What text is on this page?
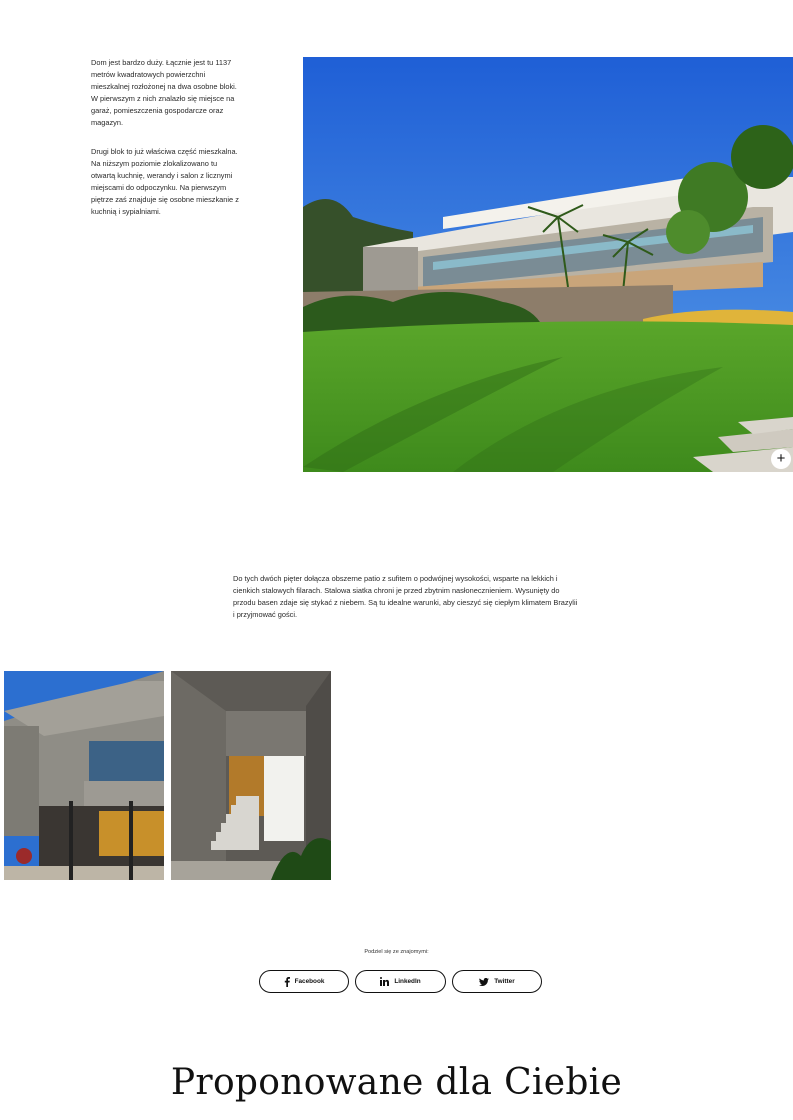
Dom jest bardzo duży. Łącznie jest tu 1137 metrów kwadratowych powierzchni mieszkalnej rozłożonej na dwa osobne bloki. W pierwszym z nich znalazło się miejsce na garaż, pomieszczenia gospodarcze oraz magazyn.

Drugi blok to już właściwa część mieszkalna. Na niższym poziomie zlokalizowano tu otwartą kuchnię, werandy i salon z licznymi miejscami do odpoczynku. Na pierwszym piętrze zaś znajduje się osobne mieszkanie z kuchnią i sypialniami.

+

Do tych dwóch pięter dołącza obszerne patio z sufitem o podwójnej wysokości, wsparte na lekkich i cienkich stalowych filarach. Stalowa siatka chroni je przed zbytnim nasłonecznieniem. Wysunięty do przodu basen zdaje się stykać z niebem. Są tu idealne warunki, aby cieszyć się ciepłym klimatem Brazylii i przyjmować gości.

Podziel się ze znajomymi:
Facebook	LinkedIn	Twitter
Proponowane dla Ciebie
